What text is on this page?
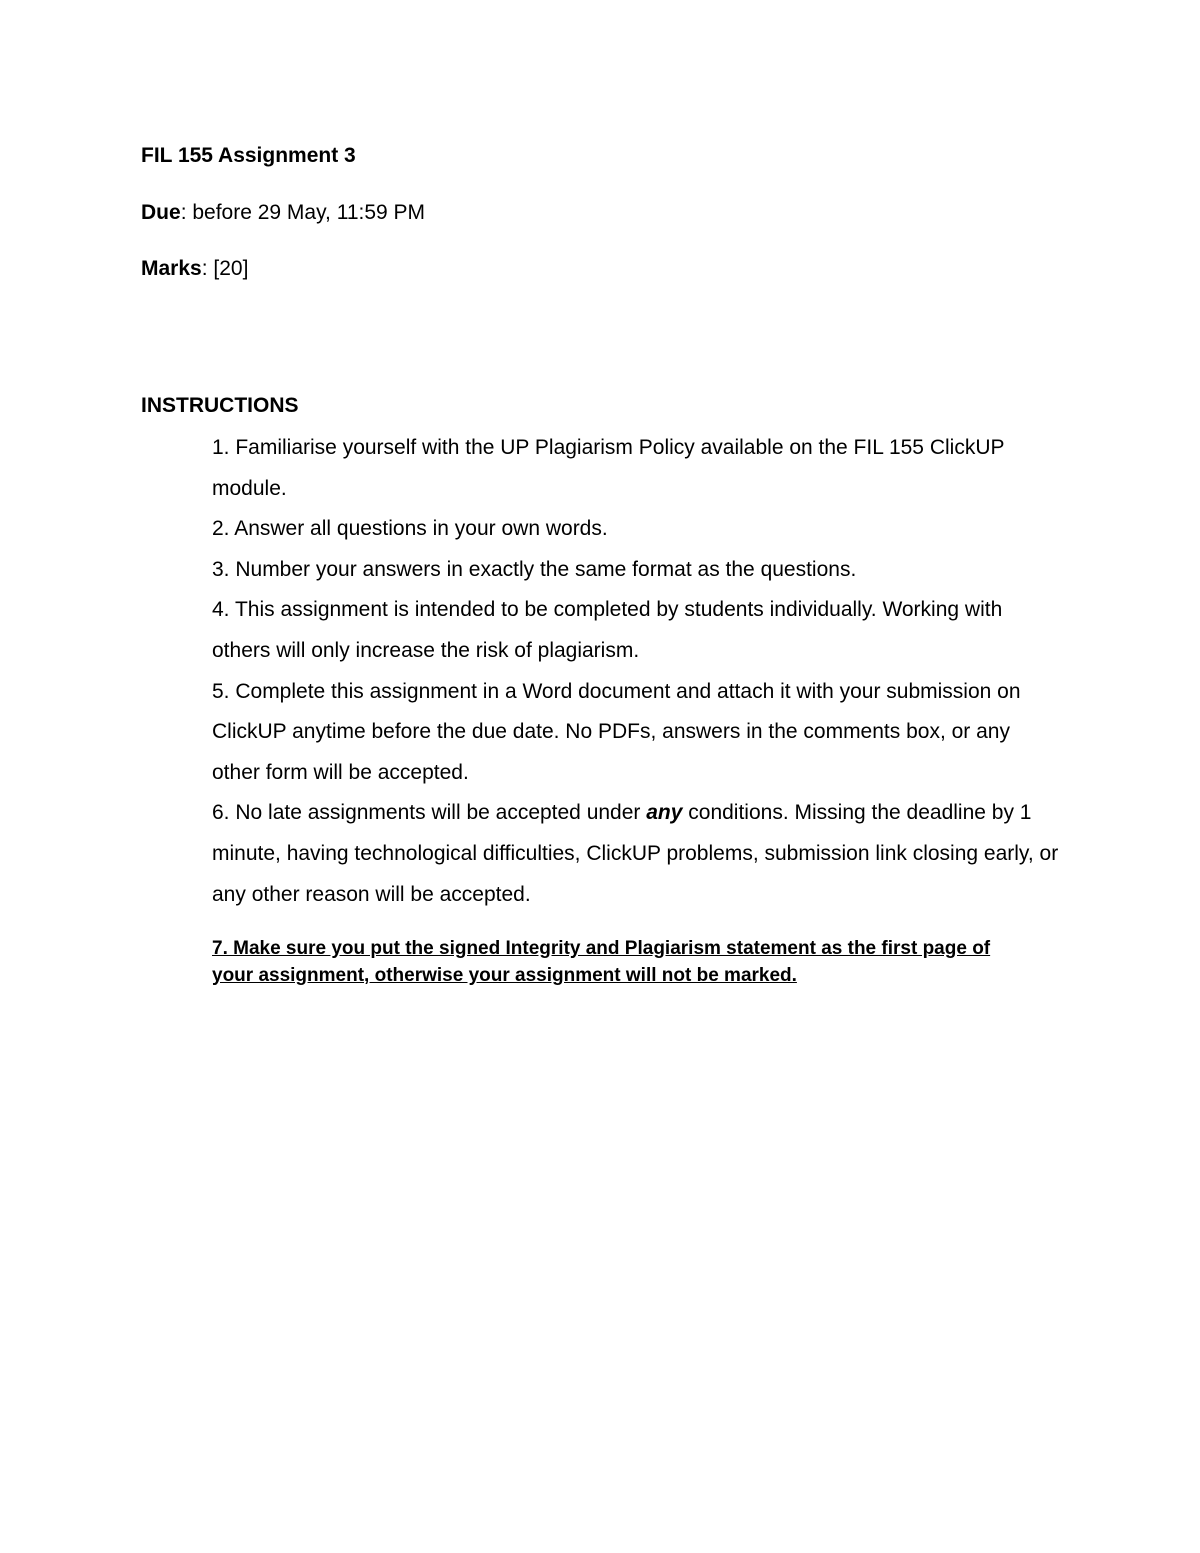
FIL 155 Assignment 3

Due: before 29 May, 11:59 PM

Marks: [20]

INSTRUCTIONS
1. Familiarise yourself with the UP Plagiarism Policy available on the FIL 155 ClickUP module.
2. Answer all questions in your own words.
3. Number your answers in exactly the same format as the questions.
4. This assignment is intended to be completed by students individually. Working with others will only increase the risk of plagiarism.
5. Complete this assignment in a Word document and attach it with your submission on ClickUP anytime before the due date. No PDFs, answers in the comments box, or any other form will be accepted.
6. No late assignments will be accepted under any conditions. Missing the deadline by 1 minute, having technological difficulties, ClickUP problems, submission link closing early, or any other reason will be accepted.

7. Make sure you put the signed Integrity and Plagiarism statement as the first page of your assignment, otherwise your assignment will not be marked.
